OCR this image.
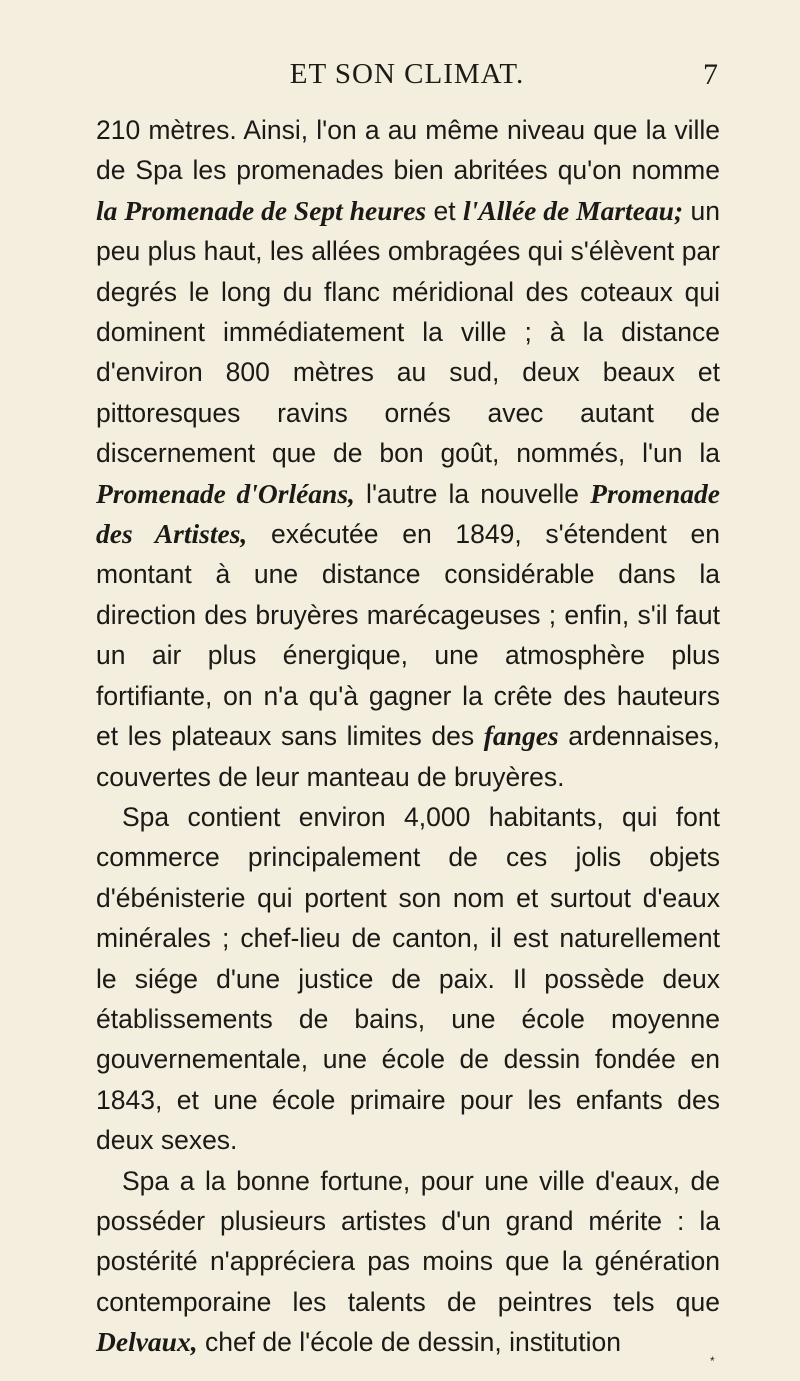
ET SON CLIMAT.	7

210 mètres. Ainsi, l'on a au même niveau que la ville de Spa les promenades bien abritées qu'on nomme la Promenade de Sept heures et l'Allée de Marteau; un peu plus haut, les allées ombragées qui s'élèvent par degrés le long du flanc méridional des coteaux qui dominent immédiatement la ville ; à la distance d'environ 800 mètres au sud, deux beaux et pittoresques ravins ornés avec autant de discernement que de bon goût, nommés, l'un la Promenade d'Orléans, l'autre la nouvelle Promenade des Artistes, exécutée en 1849, s'étendent en montant à une distance considérable dans la direction des bruyères marécageuses ; enfin, s'il faut un air plus énergique, une atmosphère plus fortifiante, on n'a qu'à gagner la crête des hauteurs et les plateaux sans limites des fanges ardennaises, couvertes de leur manteau de bruyères.

Spa contient environ 4,000 habitants, qui font commerce principalement de ces jolis objets d'ébénisterie qui portent son nom et surtout d'eaux minérales ; chef-lieu de canton, il est naturellement le siége d'une justice de paix. Il possède deux établissements de bains, une école moyenne gouvernementale, une école de dessin fondée en 1843, et une école primaire pour les enfants des deux sexes.

Spa a la bonne fortune, pour une ville d'eaux, de posséder plusieurs artistes d'un grand mérite : la postérité n'appréciera pas moins que la génération contemporaine les talents de peintres tels que Delvaux, chef de l'école de dessin, institution

*
